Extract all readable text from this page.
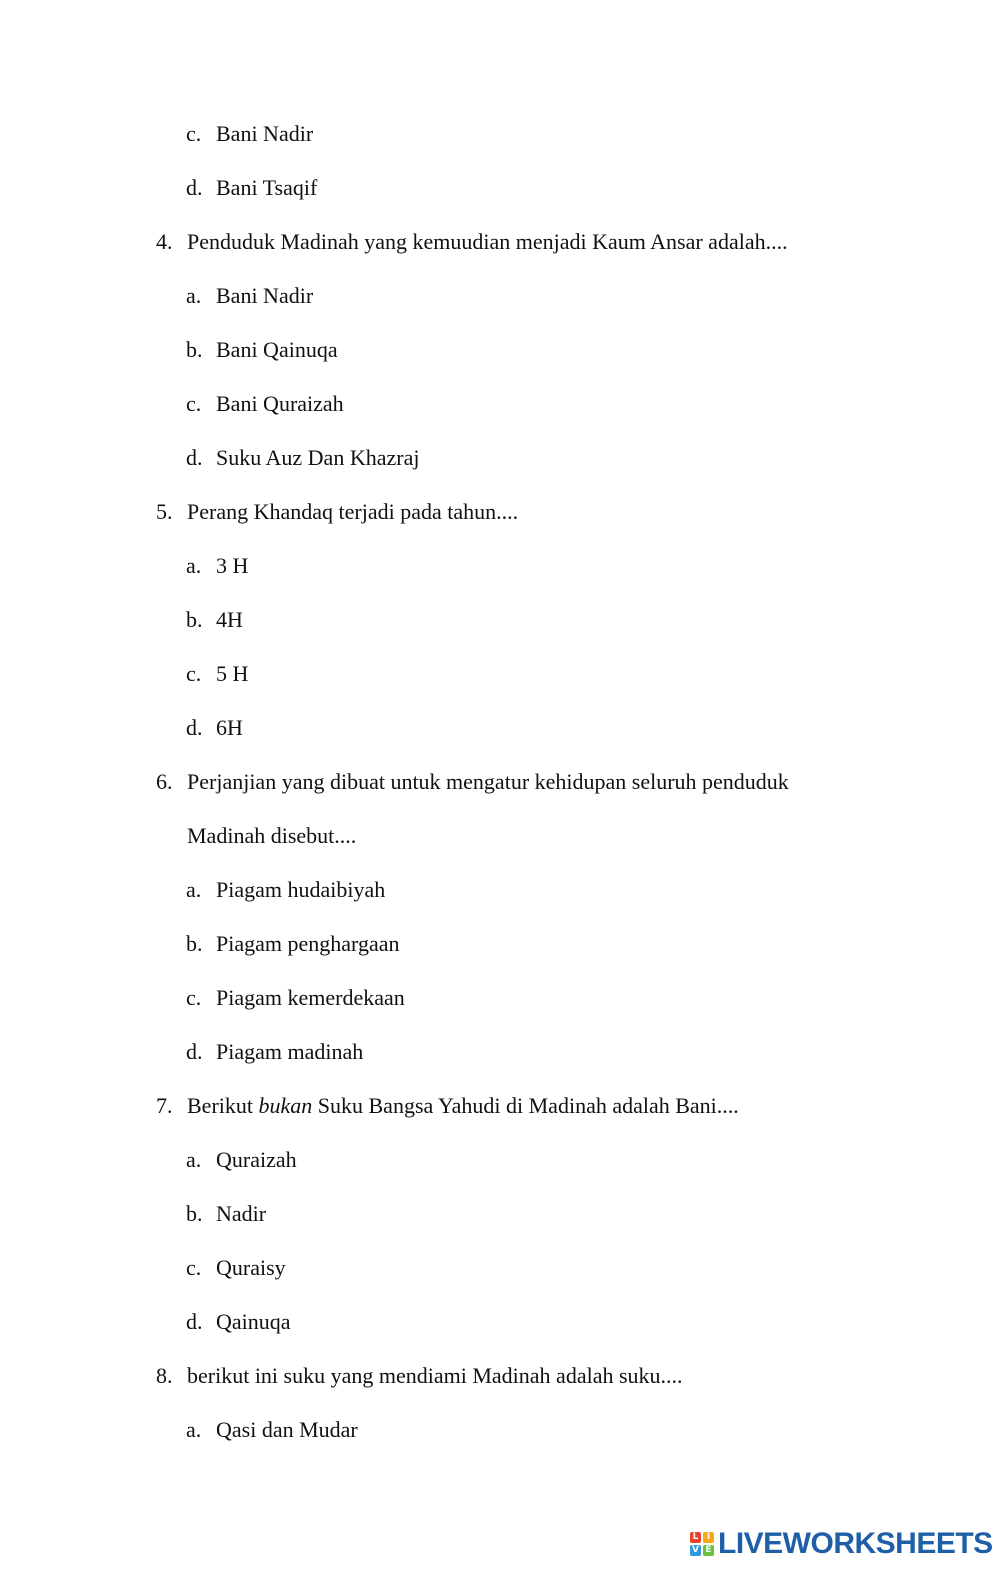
c. Bani Nadir
d. Bani Tsaqif
4. Penduduk Madinah yang kemuudian menjadi Kaum Ansar adalah....
a. Bani Nadir
b. Bani Qainuqa
c. Bani Quraizah
d. Suku Auz Dan Khazraj
5. Perang Khandaq terjadi pada tahun....
a. 3 H
b. 4H
c. 5 H
d. 6H
6. Perjanjian yang dibuat untuk mengatur kehidupan seluruh penduduk
Madinah disebut....
a. Piagam hudaibiyah
b. Piagam penghargaan
c. Piagam kemerdekaan
d. Piagam madinah
7. Berikut bukan Suku Bangsa Yahudi di Madinah adalah Bani....
a. Quraizah
b. Nadir
c. Quraisy
d. Qainuqa
8. berikut ini suku yang mendiami Madinah adalah suku....
a. Qasi dan Mudar
L I
V E LIVEWORKSHEETS
